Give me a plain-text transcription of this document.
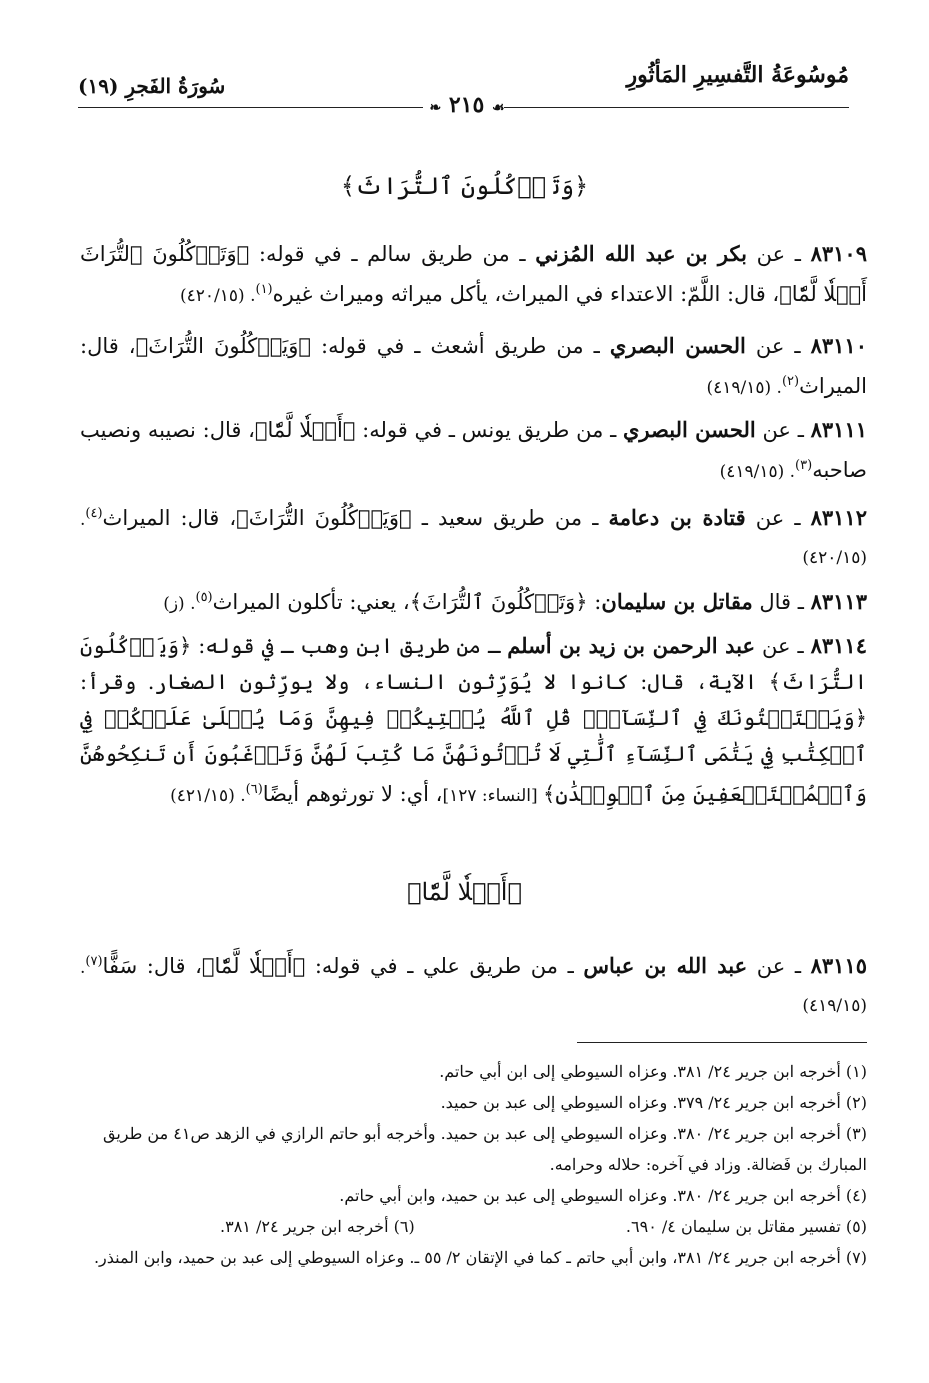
مُوسُوعَةُ التَّفسِيرِ المَأثُورِ
سُورَةُ الفَجرِ (١٩)
☙ ٢١٥ ❧
﴿وَتَأۡكُلُونَ ٱلتُّرَاثَ﴾
٨٣١٠٩ ـ عن بكر بن عبد الله المُزني ـ من طريق سالم ـ في قوله: ﴿وَتَأۡكُلُونَ ٱلتُّرَاثَ أَكۡلٗا لَّمّٗا﴾، قال: اللَّمّ: الاعتداء في الميراث، يأكل ميراثه وميراث غيره$^{(١)}$. (٤٢٠/١٥)
٨٣١١٠ ـ عن الحسن البصري ـ من طريق أشعث ـ في قوله: ﴿وَيَأۡكُلُونَ التُّرَاثَ﴾، قال: الميراث$^{(٢)}$. (٤١٩/١٥)
٨٣١١١ ـ عن الحسن البصري ـ من طريق يونس ـ في قوله: ﴿أَكۡلٗا لَّمّٗا﴾، قال: نصيبه ونصيب صاحبه$^{(٣)}$. (٤١٩/١٥)
٨٣١١٢ ـ عن قتادة بن دعامة ـ من طريق سعيد ـ ﴿وَيَأۡكُلُونَ التُّرَاثَ﴾، قال: الميراث$^{(٤)}$. (٤٢٠/١٥)
٨٣١١٣ ـ قال مقاتل بن سليمان: ﴿وَتَأۡكُلُونَ ٱلتُّرَاثَ﴾، يعني: تأكلون الميراث$^{(٥)}$. (ز)
٨٣١١٤ ـ عن عبد الرحمن بن زيد بن أسلم ـ من طريق ابن وهب ـ في قوله: ﴿وَيَأۡكُلُونَ التُّرَاثَ﴾ الآية، قال: كانوا لا يُوَرِّثون النساء، ولا يورِّثون الصغار. وقرأ: ﴿وَيَسۡتَفۡتُونَكَ فِي ٱلنِّسَآءِۖ قُلِ ٱللَّهُ يُفۡتِيكُمۡ فِيهِنَّ وَمَا يُتۡلَىٰ عَلَيۡكُمۡ فِي ٱلۡكِتَٰبِ فِي يَتَٰمَى ٱلنِّسَآءِ ٱلَّٰتِي لَا تُؤۡتُونَهُنَّ مَا كُتِبَ لَهُنَّ وَتَرۡغَبُونَ أَن تَنكِحُوهُنَّ وَٱلۡمُسۡتَضۡعَفِينَ مِنَ ٱلۡوِلۡدَٰنِ﴾ [النساء: ١٢٧]، أي: لا تورثوهم أيضًا$^{(٦)}$. (٤٢١/١٥)
﴿أَكۡلٗا لَّمّٗا﴾
٨٣١١٥ ـ عن عبد الله بن عباس ـ من طريق علي ـ في قوله: ﴿أَكۡلٗا لَّمّٗا﴾، قال: سَفًّا$^{(٧)}$. (٤١٩/١٥)
(١) أخرجه ابن جرير ٢٤/ ٣٨١. وعزاه السيوطي إلى ابن أبي حاتم.
(٢) أخرجه ابن جرير ٢٤/ ٣٧٩. وعزاه السيوطي إلى عبد بن حميد.
(٣) أخرجه ابن جرير ٢٤/ ٣٨٠. وعزاه السيوطي إلى عبد بن حميد. وأخرجه أبو حاتم الرازي في الزهد ص٤١ من طريق المبارك بن فَضالة. وزاد في آخره: حلاله وحرامه.
(٤) أخرجه ابن جرير ٢٤/ ٣٨٠. وعزاه السيوطي إلى عبد بن حميد، وابن أبي حاتم.
(٥) تفسير مقاتل بن سليمان ٤/ ٦٩٠.
(٦) أخرجه ابن جرير ٢٤/ ٣٨١.
(٧) أخرجه ابن جرير ٢٤/ ٣٨١، وابن أبي حاتم ـ كما في الإتقان ٢/ ٥٥ ـ. وعزاه السيوطي إلى عبد بن حميد، وابن المنذر.
